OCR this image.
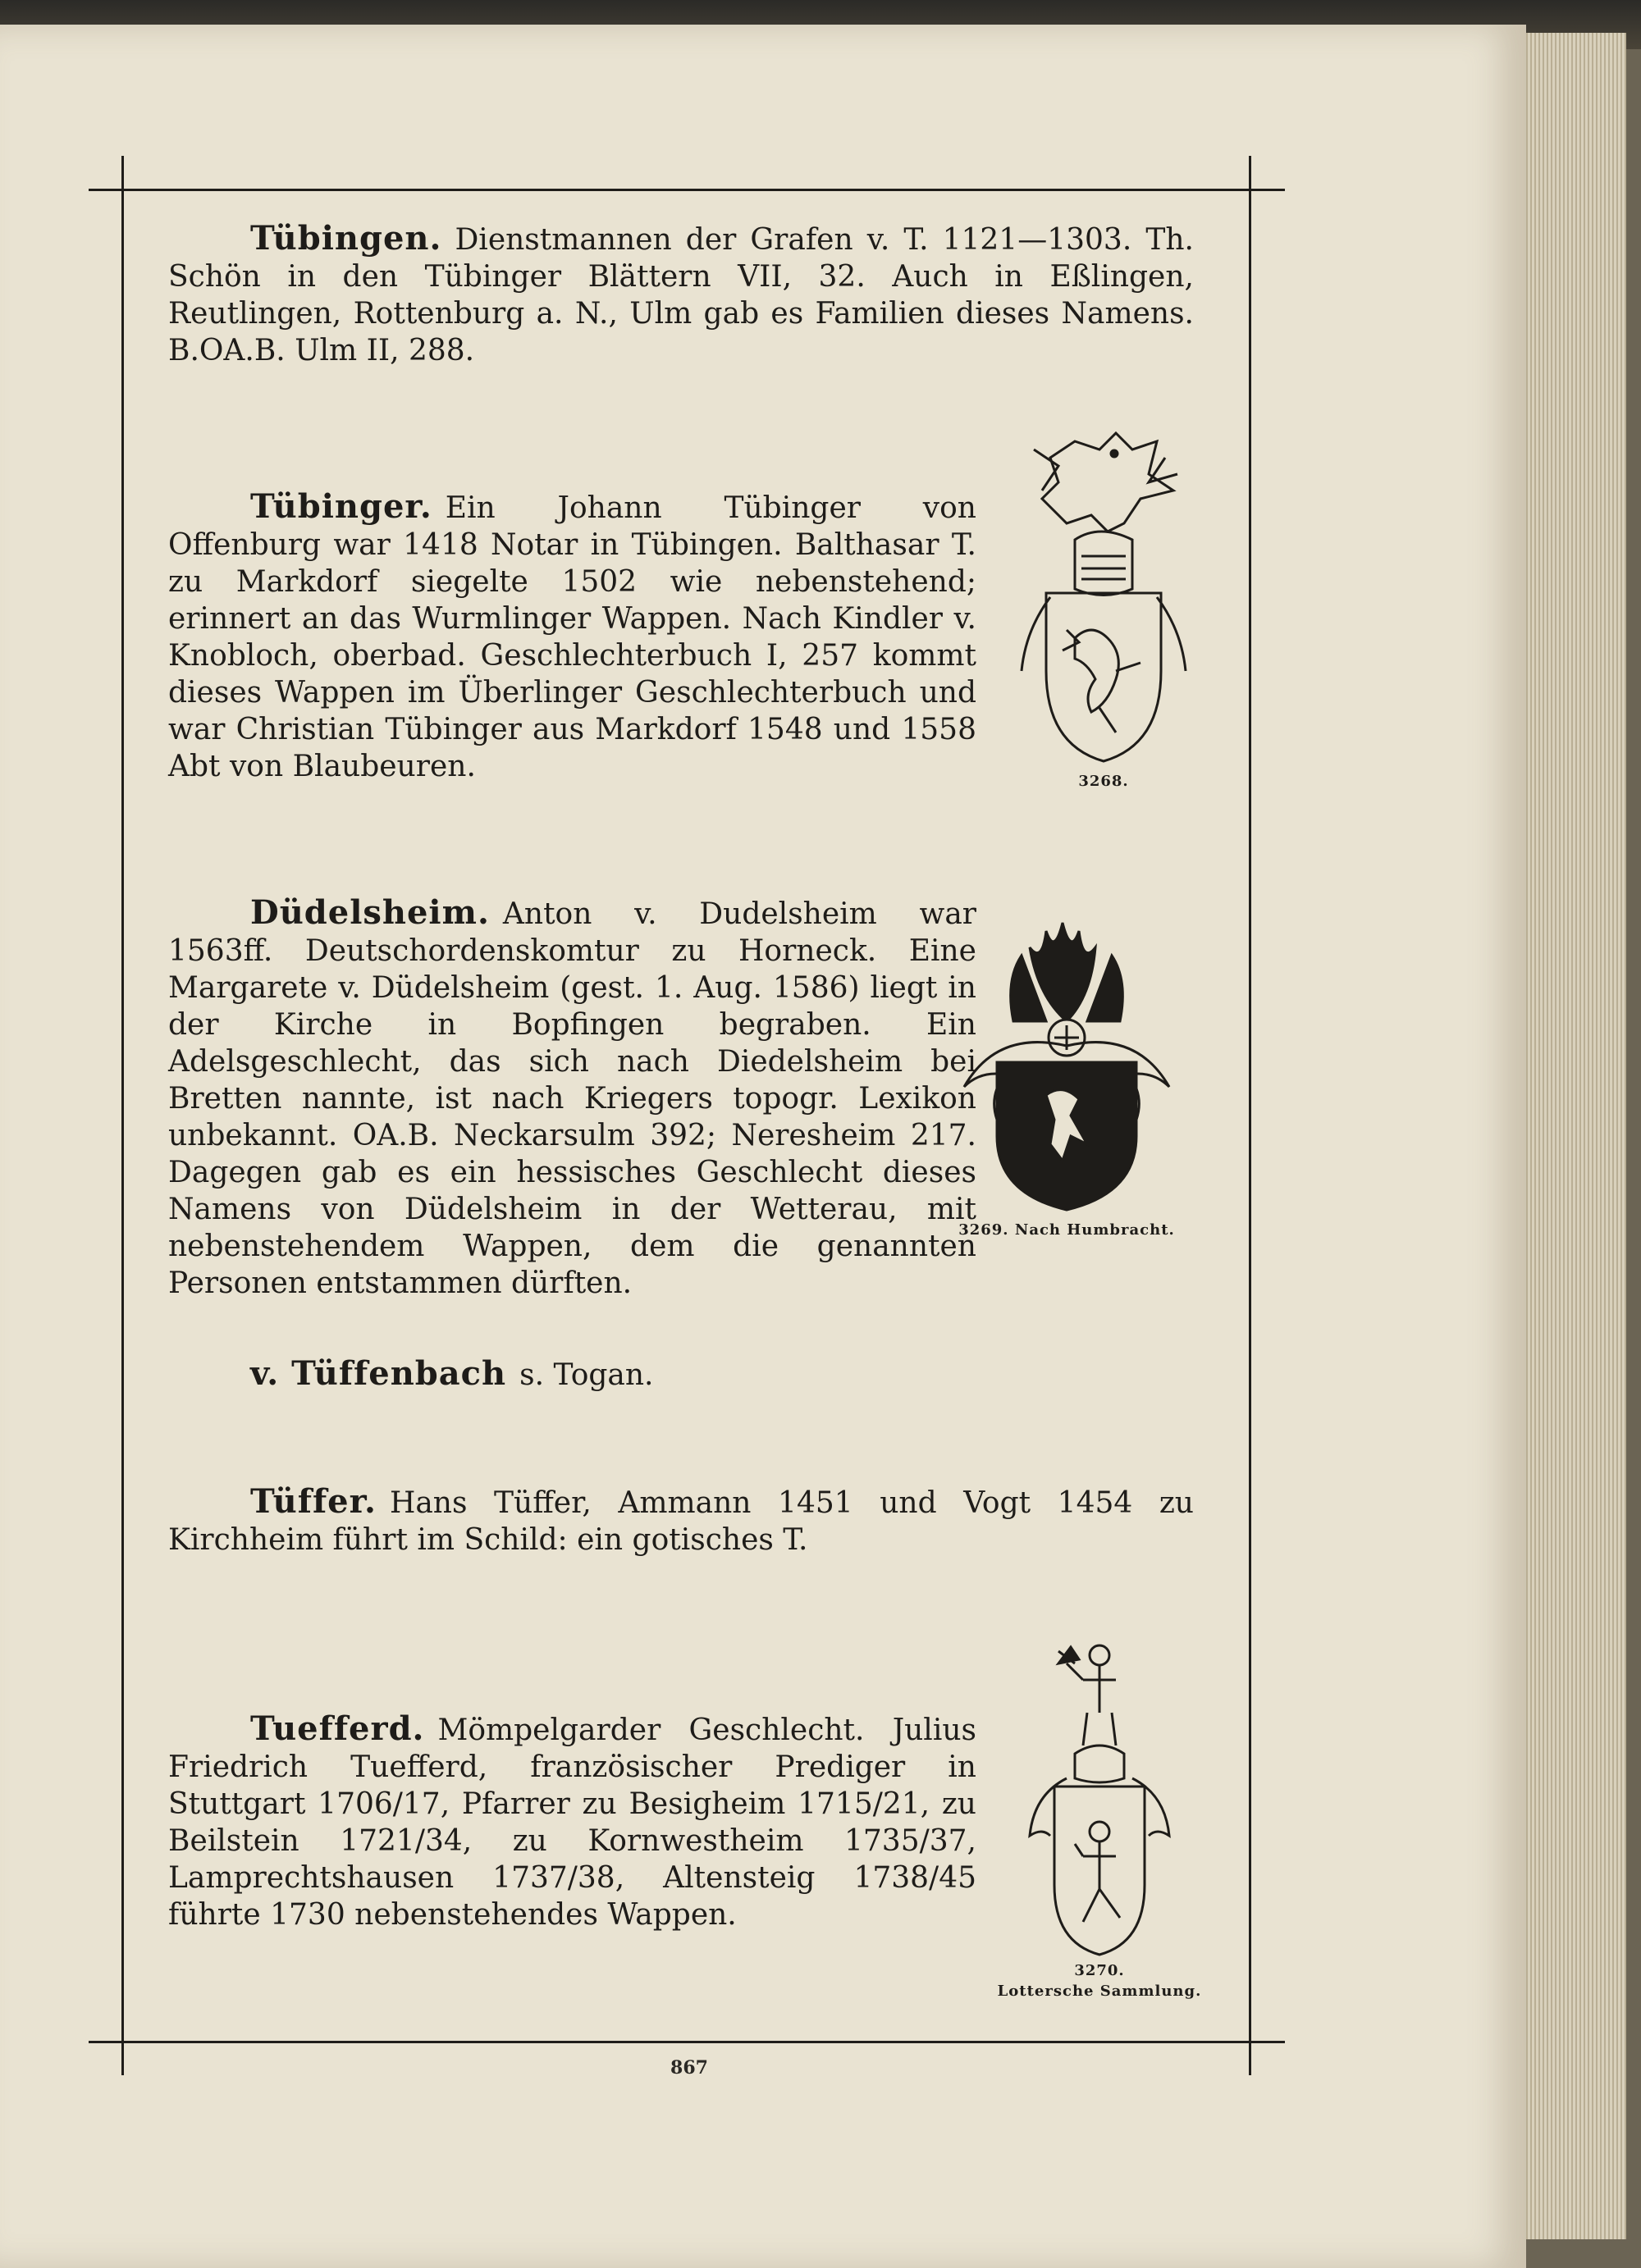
Tübingen. Dienstmannen der Grafen v. T. 1121—1303. Th. Schön in den Tübinger Blättern VII, 32. Auch in Eßlingen, Reutlingen, Rottenburg a. N., Ulm gab es Familien dieses Namens. B.OA.B. Ulm II, 288.
Tübinger. Ein Johann Tübinger von Offenburg war 1418 Notar in Tübingen. Balthasar T. zu Markdorf siegelte 1502 wie nebenstehend; erinnert an das Wurmlinger Wappen. Nach Kindler v. Knobloch, oberbad. Geschlechterbuch I, 257 kommt dieses Wappen im Überlinger Geschlechterbuch und war Christian Tübinger aus Markdorf 1548 und 1558 Abt von Blaubeuren.	3268.
Düdelsheim. Anton v. Dudelsheim war 1563ff. Deutschordenskomtur zu Horneck. Eine Margarete v. Düdelsheim (gest. 1. Aug. 1586) liegt in der Kirche in Bopfingen begraben. Ein Adelsgeschlecht, das sich nach Diedelsheim bei Bretten nannte, ist nach Kriegers topogr. Lexikon unbekannt. OA.B. Neckarsulm 392; Neresheim 217. Dagegen gab es ein hessisches Geschlecht dieses Namens von Düdelsheim in der Wetterau, mit nebenstehendem Wappen, dem die genannten Personen entstammen dürften.
3269. Nach Humbracht.
v. Tüffenbach s. Togan.
Tüffer. Hans Tüffer, Ammann 1451 und Vogt 1454 zu Kirchheim führt im Schild: ein gotisches T.
Tuefferd. Mömpelgarder Geschlecht. Julius Friedrich Tuefferd, französischer Prediger in Stuttgart 1706/17, Pfarrer zu Besigheim 1715/21, zu Beilstein 1721/34, zu Kornwestheim 1735/37, Lamprechtshausen 1737/38, Altensteig 1738/45 führte 1730 nebenstehendes Wappen.
3270.
Lottersche Sammlung.
867
